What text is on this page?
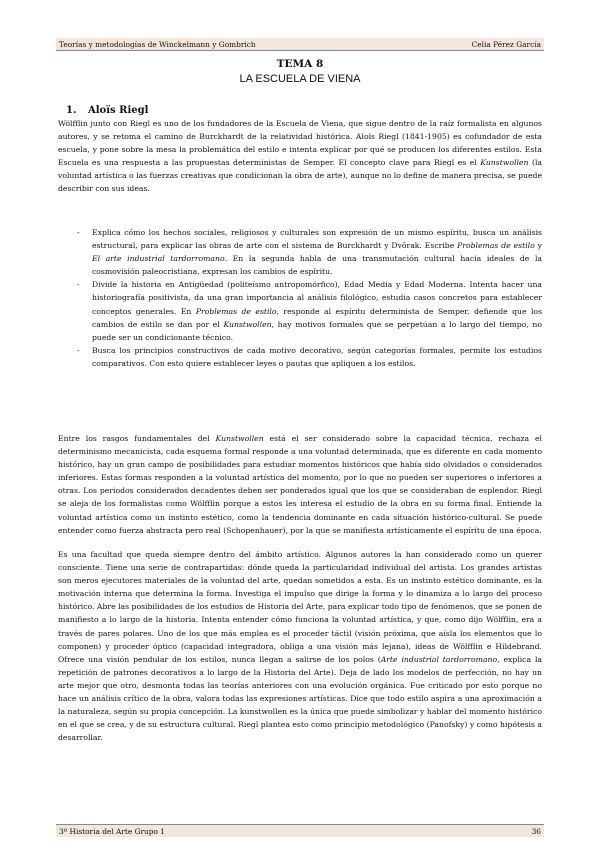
Teorías y metodologías de Winckelmann y Gombrich	Celia Pérez García
TEMA 8
LA ESCUELA DE VIENA
1.	Aloïs Riegl

Wölfflin junto con Riegl es uno de los fundadores de la Escuela de Viena, que sigue dentro de la raíz formalista en algunos autores, y se retoma el camino de Burckhardt de la relatividad histórica. Aloïs Riegl (1841-1905) es cofundador de esta escuela, y pone sobre la mesa la problemática del estilo e intenta explicar por qué se producen los diferentes estilos. Esta Escuela es una respuesta a las propuestas deterministas de Semper. El concepto clave para Riegl es el Kunstwollen (la voluntad artística o las fuerzas creativas que condicionan la obra de arte), aunque no lo define de manera precisa, se puede describir con sus ideas.

- Explica cómo los hechos sociales, religiosos y culturales son expresión de un mismo espíritu, busca un análisis estructural, para explicar las obras de arte con el sistema de Burckhardt y Dvŏrak. Escribe Problemas de estilo y El arte industrial tardorromano. En la segunda habla de una transmutación cultural hacia ideales de la cosmovisión paleocristiana, expresan los cambios de espíritu.
- Divide la historia en Antigüedad (politeísmo antropomórfico), Edad Media y Edad Moderna. Intenta hacer una historiografía positivista, da una gran importancia al análisis filológico, estudia casos concretos para establecer conceptos generales. En Problemas de estilo, responde al espíritu determinista de Semper, defiende que los cambios de estilo se dan por el Kunstwollen, hay motivos formales que se perpetúan a lo largo del tiempo, no puede ser un condicionante técnico.
- Busca los principios constructivos de cada motivo decorativo, según categorías formales, permite los estudios comparativos. Con esto quiere establecer leyes o pautas que apliquen a los estilos.

Entre los rasgos fundamentales del Kunstwollen está el ser considerado sobre la capacidad técnica, rechaza el determinismo mecanicista, cada esquema formal responde a una voluntad determinada, que es diferente en cada momento histórico, hay un gran campo de posibilidades para estudiar momentos históricos que había sido olvidados o considerados inferiores. Estas formas responden a la voluntad artística del momento, por lo que no pueden ser superiores o inferiores a otras. Los periodos considerados decadentes deben ser ponderados igual que los que se consideraban de esplendor. Riegl se aleja de los formalistas como Wölfflin porque a estos les interesa el estudio de la obra en su forma final. Entiende la voluntad artística como un instinto estético, como la tendencia dominante en cada situación histórico-cultural. Se puede entender como fuerza abstracta pero real (Schopenhauer), por la que se manifiesta artísticamente el espíritu de una época.

Es una facultad que queda siempre dentro del ámbito artístico. Algunos autores la han considerado como un querer consciente. Tiene una serie de contrapartidas: dónde queda la particularidad individual del artista. Los grandes artistas son meros ejecutores materiales de la voluntad del arte, quedan sometidos a esta. Es un instinto estético dominante, es la motivación interna que determina la forma. Investiga el impulso que dirige la forma y lo dinamiza a lo largo del proceso histórico. Abre las posibilidades de los estudios de Historia del Arte, para explicar todo tipo de fenómenos, que se ponen de manifiesto a lo largo de la historia. Intenta entender cómo funciona la voluntad artística, y que, como dijo Wölfflin, era a través de pares polares. Uno de los que más emplea es el proceder táctil (visión próxima, que aísla los elementos que lo componen) y proceder óptico (capacidad integradora, obliga a una visión más lejana), ideas de Wölfflin e Hildebrand. Ofrece una visión pendular de los estilos, nunca llegan a salirse de los polos (Arte industrial tardorromano, explica la repetición de patrones decorativos a lo largo de la Historia del Arte). Deja de lado los modelos de perfección, no hay un arte mejor que otro, desmonta todas las teorías anteriores con una evolución orgánica. Fue criticado por esto porque no hace un análisis crítico de la obra, valora todas las expresiones artísticas. Dice que todo estilo aspira a una aproximación a la naturaleza, según su propia concepción. La kunstwollen es la única que puede simbolizar y hablar del momento histórico en el que se crea, y de su estructura cultural. Riegl plantea esto como principio metodológico (Panofsky) y como hipótesis a desarrollar.

3º Historia del Arte Grupo 1	36
